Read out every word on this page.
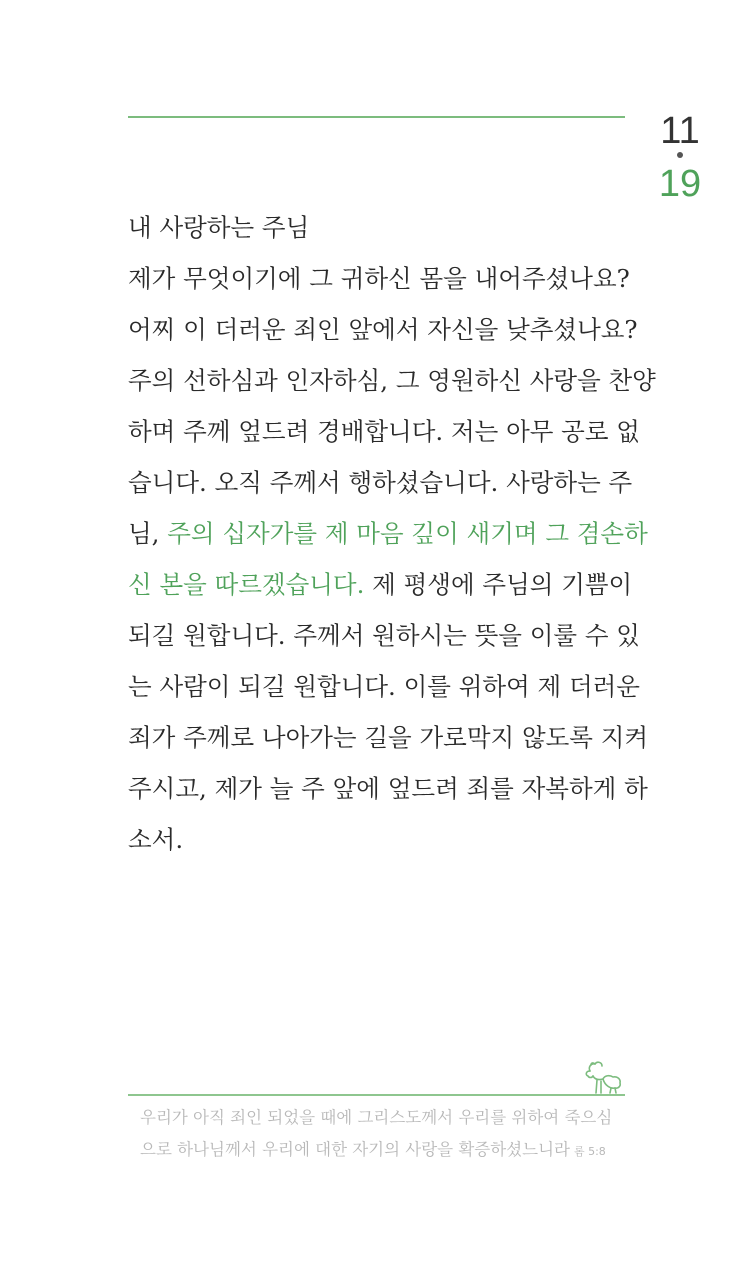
11
19
내 사랑하는 주님
제가 무엇이기에 그 귀하신 몸을 내어주셨나요?
어찌 이 더러운 죄인 앞에서 자신을 낮추셨나요?
주의 선하심과 인자하심, 그 영원하신 사랑을 찬양
하며 주께 엎드려 경배합니다. 저는 아무 공로 없
습니다. 오직 주께서 행하셨습니다. 사랑하는 주
님, 주의 십자가를 제 마음 깊이 새기며 그 겸손하
신 본을 따르겠습니다. 제 평생에 주님의 기쁨이
되길 원합니다. 주께서 원하시는 뜻을 이룰 수 있
는 사람이 되길 원합니다. 이를 위하여 제 더러운
죄가 주께로 나아가는 길을 가로막지 않도록 지켜
주시고, 제가 늘 주 앞에 엎드려 죄를 자복하게 하
소서.
우리가 아직 죄인 되었을 때에 그리스도께서 우리를 위하여 죽으심
으로 하나님께서 우리에 대한 자기의 사랑을 확증하셨느니라 롬 5:8
